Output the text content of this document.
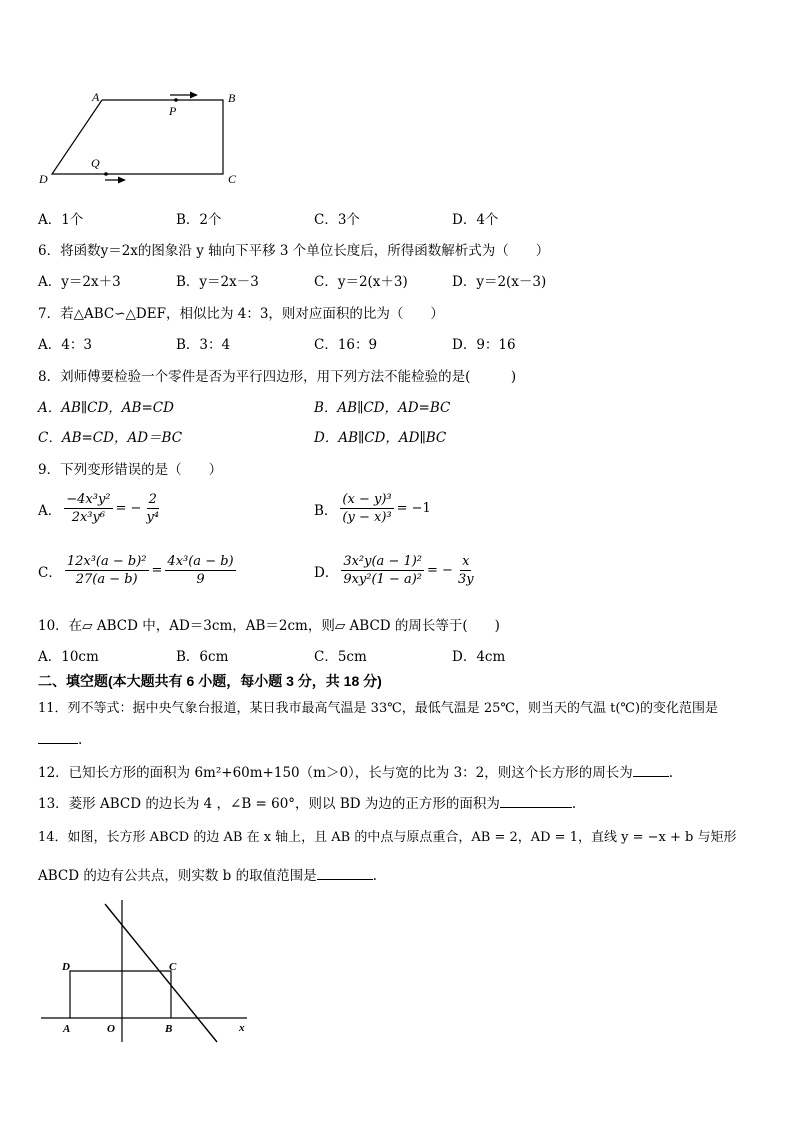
A	B
C
D
P
Q
A．1个	B．2个	C．3个	D．4个
6．将函数y＝2x的图象沿 y 轴向下平移 3 个单位长度后，所得函数解析式为（　　）
A．y＝2x＋3	B．y＝2x－3	C．y＝2(x＋3)	D．y＝2(x－3)
7．若△ABC∽△DEF，相似比为 4：3，则对应面积的比为（　　）
A．4：3	B．3：4	C．16：9	D．9：16
8．刘师傅要检验一个零件是否为平行四边形，用下列方法不能检验的是(　　　)
A．AB∥CD，AB=CD	B．AB∥CD，AD=BC
C．AB=CD，AD＝BC	D．AB∥CD，AD∥BC
9．下列变形错误的是（　　）
A． $\frac{\text{−4x³y²}}{\text{2x³y⁶}}$ = − $\frac{2}{\text{y⁴}}$	B． $\frac{\text{(x − y)³}}{\text{(y − x)³}} = -1$
C． $\frac{\text{12x³(a − b)²}}{27(a - b)} = \frac{\text{4x³(a − b)}}{9}$	D． $\frac{\text{3x²y(a − 1)²}}{\text{9xy²(1 − a)²}}$ = − $\frac{x}{3y}$
10．在▱ ABCD 中，AD＝3cm，AB＝2cm，则▱ ABCD 的周长等于(　　)
A．10cm	B．6cm	C．5cm	D．4cm
二、填空题(本大题共有 6 小题，每小题 3 分，共 18 分)
11．列不等式：据中央气象台报道，某日我市最高气温是 33℃，最低气温是 25℃，则当天的气温 t(℃)的变化范围是
.
12．已知长方形的面积为 6m²+60m+150（m＞0），长与宽的比为 3：2，则这个长方形的周长为	.
13．菱形 ABCD 的边长为 4 ，∠B = 60°，则以 BD 为边的正方形的面积为	.
14．如图，长方形 ABCD 的边 AB 在 x 轴上，且 AB 的中点与原点重合，AB = 2，AD = 1，直线 y = −x + b 与矩形
ABCD 的边有公共点，则实数 b 的取值范围是	.
D	C
A	O	B	x
